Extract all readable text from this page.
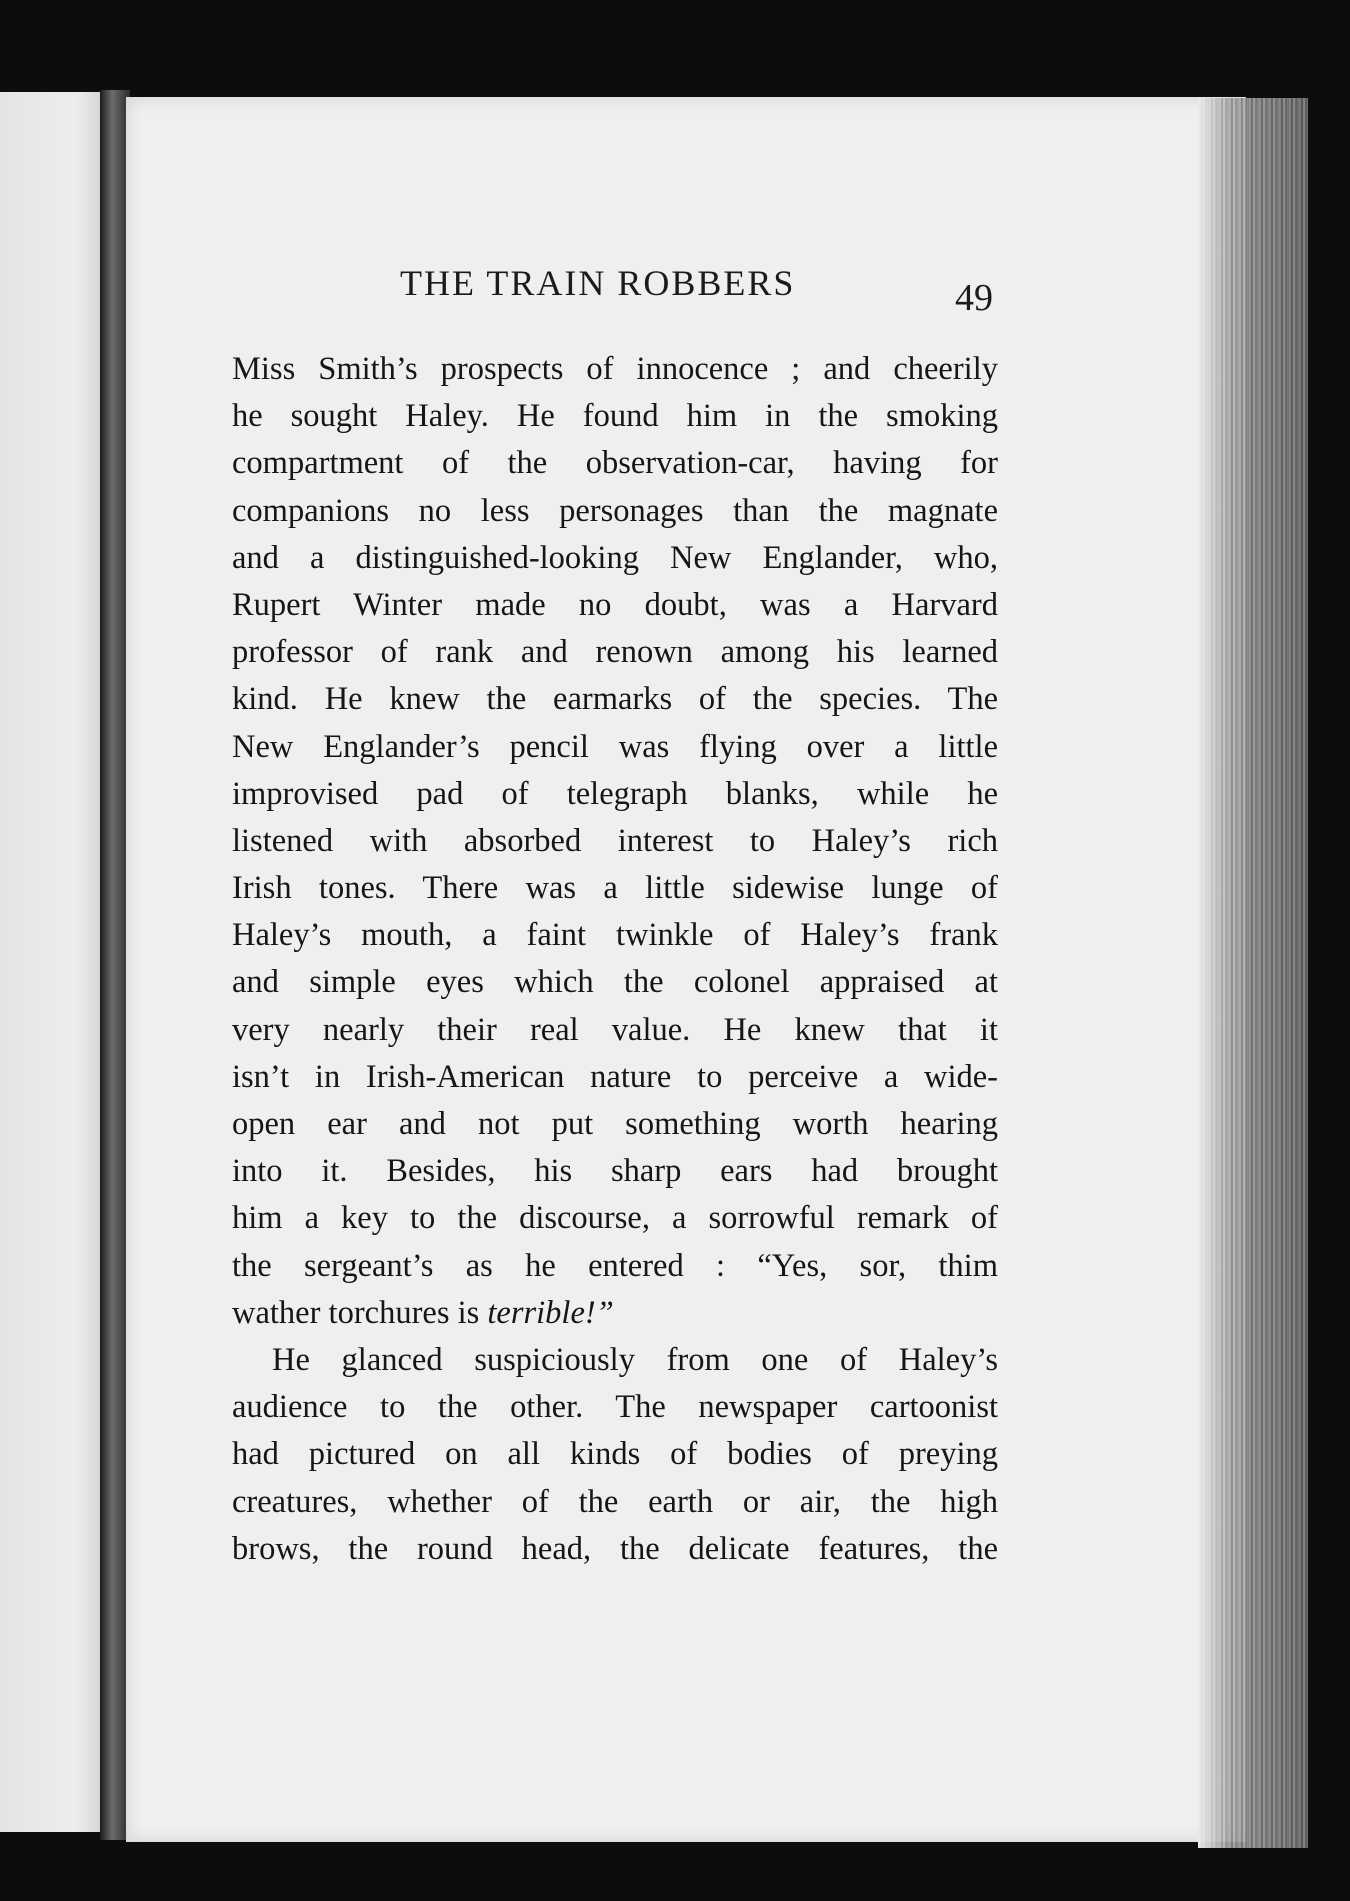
THE TRAIN ROBBERS	49
Miss Smith’s prospects of innocence ; and cheerily
he sought Haley. He found him in the smoking
compartment of the observation-car, having for
companions no less personages than the magnate
and a distinguished-looking New Englander, who,
Rupert Winter made no doubt, was a Harvard
professor of rank and renown among his learned
kind. He knew the earmarks of the species. The
New Englander’s pencil was flying over a little
improvised pad of telegraph blanks, while he
listened with absorbed interest to Haley’s rich
Irish tones. There was a little sidewise lunge of
Haley’s mouth, a faint twinkle of Haley’s frank
and simple eyes which the colonel appraised at
very nearly their real value. He knew that it
isn’t in Irish-American nature to perceive a wide-
open ear and not put something worth hearing
into it. Besides, his sharp ears had brought
him a key to the discourse, a sorrowful remark of
the sergeant’s as he entered : “Yes, sor, thim
wather torchures is terrible!”
He glanced suspiciously from one of Haley’s
audience to the other. The newspaper cartoonist
had pictured on all kinds of bodies of preying
creatures, whether of the earth or air, the high
brows, the round head, the delicate features, the
